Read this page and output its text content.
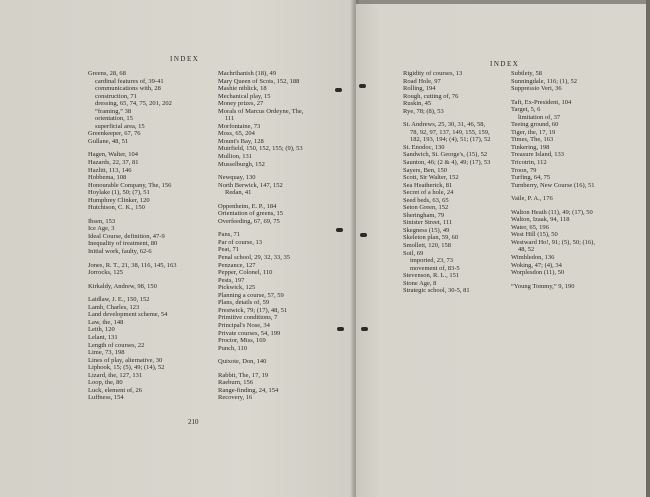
INDEX
Greens, 28, 68
cardinal features of, 39-41
communications with, 28
construction, 71
dressing, 65, 74, 75, 201, 202
“framing,” 38
orientation, 15
superficial area, 15
Greenkeeper, 67, 76
Gullane, 48, 51
Hagen, Walter, 104
Hazards, 22, 37, 81
Hazlitt, 113, 146
Hobbema, 108
Honourable Company, The, 156
Hoylake (1), 50; (7), 51
Humphrey Clinker, 120
Hutchison, C. K., 150
Ibsen, 153
Ice Age, 3
Ideal Course, definition, 47-9
Inequality of treatment, 80
Initial work, faulty, 62-6
Jones, R. T., 21, 38, 116, 145, 163
Jorrocks, 125
Kirkaldy, Andrew, 98, 150
Laidlaw, J. E., 150, 152
Lamb, Charles, 123
Land development scheme, 54
Law, the, 148
Leith, 120
Lelant, 131
Length of courses, 22
Lime, 73, 198
Lines of play, alternative, 30
Liphook, 15; (5), 49; (14), 52
Lizard, the, 127, 131
Loop, the, 80
Luck, element of, 26
Luffness, 154
Machrihanish (18), 49
Mary Queen of Scots, 152, 188
Mashie niblick, 18
Mechanical play, 15
Money prizes, 27
Morals of Marcus Ordeyne, The,
111
Morfontaine, 73
Moss, 65, 204
Mount's Bay, 128
Muirfield, 150, 152, 155; (9), 53
Mullion, 131
Musselburgh, 152
Newquay, 130
North Berwick, 147, 152
Redan, 41
Oppenheim, E. P., 184
Orientation of greens, 15
Overfeeding, 67, 69, 75
Pans, 71
Par of course, 13
Peat, 71
Penal school, 29, 32, 33, 35
Penzance, 127
Pepper, Colonel, 110
Pests, 197
Pickwick, 125
Planning a course, 57, 59
Plans, details of, 59
Prestwick, 79; (17), 48, 51
Primitive conditions, 7
Principal's Nose, 34
Private courses, 54, 199
Proctor, Miss, 169
Punch, 110
Quixote, Don, 140
Rabbit, The, 17, 19
Raeburn, 156
Range-finding, 24, 154
Recovery, 16
210
INDEX
Rigidity of courses, 13
Road Hole, 97
Rolling, 194
Rough, cutting of, 76
Ruskin, 45
Rye, 78; (8), 53
St. Andrews, 25, 30, 31, 46, 58,
78, 92, 97, 137, 149, 155, 159,
182, 193, 194; (4), 51; (17), 52
St. Enodoc, 130
Sandwich, St. George's, (15), 52
Saunton, 46; (2 & 4), 49; (17), 53
Sayers, Ben, 150
Scott, Sir Walter, 152
Sea Heatherick, 81
Secret of a hole, 24
Seed beds, 63, 65
Seton Green, 152
Sheringham, 79
Sinister Street, 111
Skegness (15), 49
Skeleton plan, 59, 60
Smollett, 120, 158
Soil, 69
imported, 23, 73
movement of, 83-5
Stevenson, R. L., 151
Stone Age, 8
Strategic school, 30-5, 81
Subtlety, 58
Sunningdale, 116; (1), 52
Suppressio Veri, 36
Taft, Ex-President, 104
Target, 5, 6
limitation of, 37
Teeing ground, 60
Tiger, the, 17, 19
Times, The, 163
Tinkering, 198
Treasure Island, 133
Tricotrin, 112
Troon, 79
Turfing, 64, 75
Turnberry, New Course (16), 51
Vaile, P. A., 176
Walton Heath (11), 49; (17), 50
Walton, Izaak, 94, 118
Water, 65, 196
West Hill (15), 50
Westward Ho!, 91; (5), 50; (16),
48, 52
Wimbledon, 136
Woking, 47; (4), 34
Worplesdon (11), 50
“Young Tommy,” 9, 190
